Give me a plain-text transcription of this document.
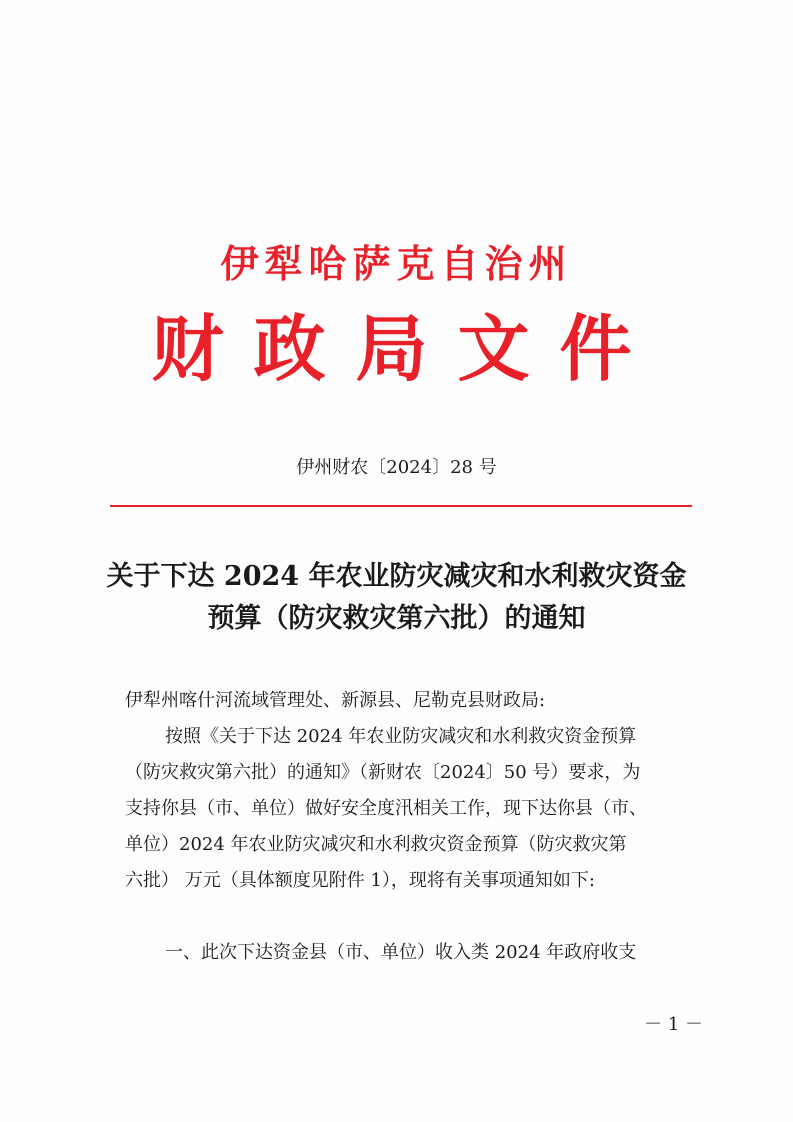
伊犁哈萨克自治州
财政局文件
伊州财农〔2024〕28 号
关于下达 2024 年农业防灾减灾和水利救灾资金
预算（防灾救灾第六批）的通知
伊犁州喀什河流域管理处、新源县、尼勒克县财政局:
按照《关于下达 2024 年农业防灾减灾和水利救灾资金预算
（防灾救灾第六批）的通知》（新财农〔2024〕50 号）要求，为
支持你县（市、单位）做好安全度汛相关工作，现下达你县（市、
单位）2024 年农业防灾减灾和水利救灾资金预算（防灾救灾第
六批） 万元（具体额度见附件 1），现将有关事项通知如下:
一、此次下达资金县（市、单位）收入类 2024 年政府收支
－ 1 －
